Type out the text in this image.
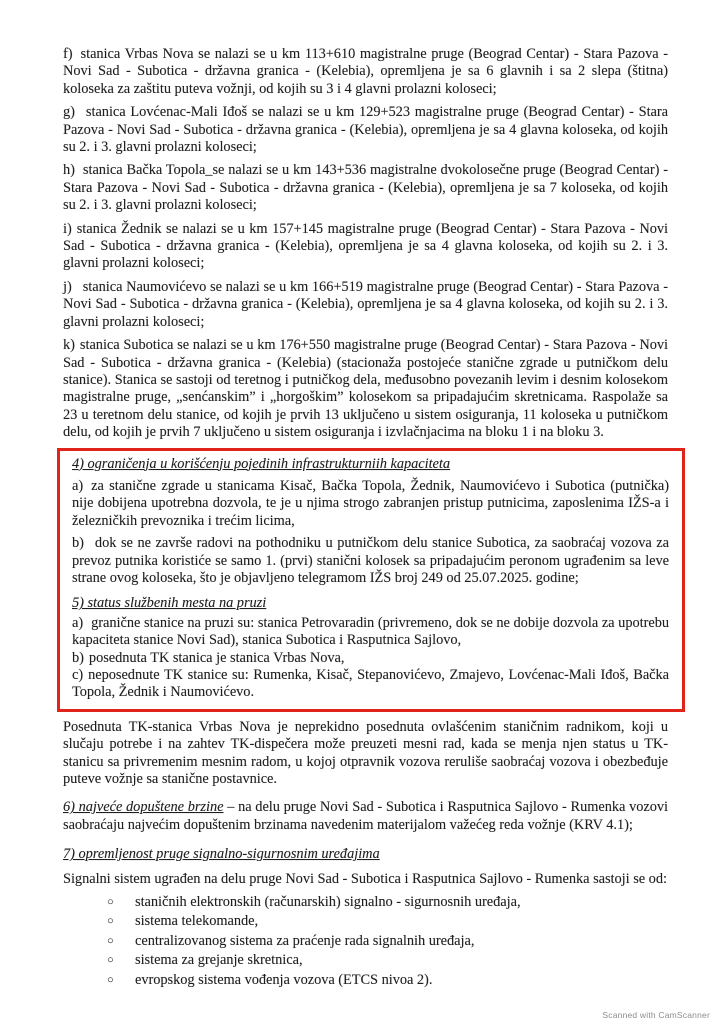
f) stanica Vrbas Nova se nalazi se u km 113+610 magistralne pruge (Beograd Centar) - Stara Pazova - Novi Sad - Subotica - državna granica - (Kelebia), opremljena je sa 6 glavnih i sa 2 slepa (štitna) koloseka za zaštitu puteva vožnji, od kojih su 3 i 4 glavni prolazni koloseci;

g) stanica Lovćenac-Mali Iđoš se nalazi se u km 129+523 magistralne pruge (Beograd Centar) - Stara Pazova - Novi Sad - Subotica - državna granica - (Kelebia), opremljena je sa 4 glavna koloseka, od kojih su 2. i 3. glavni prolazni koloseci;

h) stanica Bačka Topola_se nalazi se u km 143+536 magistralne dvokolosečne pruge (Beograd Centar) - Stara Pazova - Novi Sad - Subotica - državna granica - (Kelebia), opremljena je sa 7 koloseka, od kojih su 2. i 3. glavni prolazni koloseci;

i) stanica Žednik se nalazi se u km 157+145 magistralne pruge (Beograd Centar) - Stara Pazova - Novi Sad - Subotica - državna granica - (Kelebia), opremljena je sa 4 glavna koloseka, od kojih su 2. i 3. glavni prolazni koloseci;

j) stanica Naumovićevo se nalazi se u km 166+519 magistralne pruge (Beograd Centar) - Stara Pazova - Novi Sad - Subotica - državna granica - (Kelebia), opremljena je sa 4 glavna koloseka, od kojih su 2. i 3. glavni prolazni koloseci;

k) stanica Subotica se nalazi se u km 176+550 magistralne pruge (Beograd Centar) - Stara Pazova - Novi Sad - Subotica - državna granica - (Kelebia) (stacionaža postojeće stanične zgrade u putničkom delu stanice). Stanica se sastoji od teretnog i putničkog dela, međusobno povezanih levim i desnim kolosekom magistralne pruge, „senćanskim” i „horgoškim” kolosekom sa pripadajućim skretnicama. Raspolaže sa 23 u teretnom delu stanice, od kojih je prvih 13 uključeno u sistem osiguranja, 11 koloseka u putničkom delu, od kojih je prvih 7 uključeno u sistem osiguranja i izvlačnjacima na bloku 1 i na bloku 3.

4) ograničenja u korišćenju pojedinih infrastrukturniih kapaciteta

a) za stanične zgrade u stanicama Kisač, Bačka Topola, Žednik, Naumovićevo i Subotica (putnička) nije dobijena upotrebna dozvola, te je u njima strogo zabranjen pristup putnicima, zaposlenima IŽS-a i železničkih prevoznika i trećim licima,

b) dok se ne završe radovi na pothodniku u putničkom delu stanice Subotica, za saobraćaj vozova za prevoz putnika koristiće se samo 1. (prvi) stanični kolosek sa pripadajućim peronom ugrađenim sa leve strane ovog koloseka, što je objavljeno telegramom IŽS broj 249 od 25.07.2025. godine;

5) status službenih mesta na pruzi

a) granične stanice na pruzi su: stanica Petrovaradin (privremeno, dok se ne dobije dozvola za upotrebu kapaciteta stanice Novi Sad), stanica Subotica i Rasputnica Sajlovo,

b) posednuta TK stanica je stanica Vrbas Nova,

c) neposednute TK stanice su: Rumenka, Kisač, Stepanovićevo, Zmajevo, Lovćenac-Mali Iđoš, Bačka Topola, Žednik i Naumovićevo.

Posednuta TK-stanica Vrbas Nova je neprekidno posednuta ovlašćenim staničnim radnikom, koji u slučaju potrebe i na zahtev TK-dispečera može preuzeti mesni rad, kada se menja njen status u TK-stanicu sa privremenim mesnim radom, u kojoj otpravnik vozova reruliše saobraćaj vozova i obezbeđuje puteve vožnje sa stanične postavnice.

6) najveće dopuštene brzine – na delu pruge Novi Sad - Subotica i Rasputnica Sajlovo - Rumenka vozovi saobraćaju najvećim dopuštenim brzinama navedenim materijalom važećeg reda vožnje (KRV 4.1);

7) opremljenost pruge signalno-sigurnosnim uređajima

Signalni sistem ugrađen na delu pruge Novi Sad - Subotica i Rasputnica Sajlovo - Rumenka sastoji se od:

○ staničnih elektronskih (računarskih) signalno - sigurnosnih uređaja,
○ sistema telekomande,
○ centralizovanog sistema za praćenje rada signalnih uređaja,
○ sistema za grejanje skretnica,
○ evropskog sistema vođenja vozova (ETCS nivoa 2).
Scanned with CamScanner
